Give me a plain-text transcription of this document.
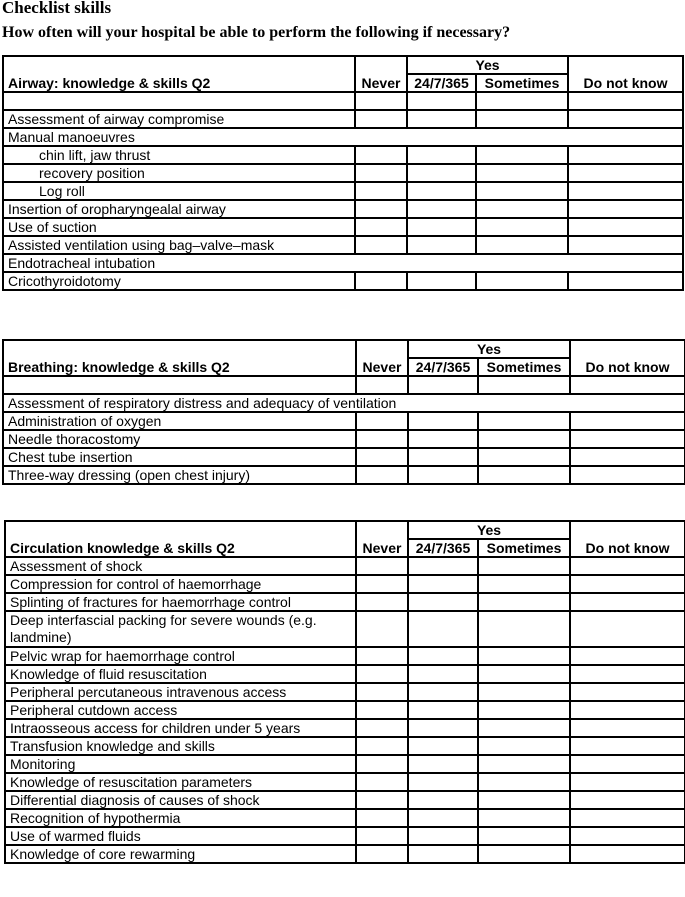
Checklist skills
How often will your hospital be able to perform the following if necessary?
Airway: knowledge & skills Q2		Yes		
	Never	24/7/365	Sometimes	Do not know

Assessment of airway compromise				
Manual manoeuvres				
chin lift, jaw thrust				
recovery position				
Log roll				
Insertion of oropharyngealal airway				
Use of suction				
Assisted ventilation using bag–valve–mask				
Endotracheal intubation				
Cricothyroidotomy				
Breathing: knowledge & skills Q2		Yes		
	Never	24/7/365	Sometimes	Do not know

Assessment of respiratory distress and adequacy of ventilation				
Administration of oxygen				
Needle thoracostomy				
Chest tube insertion				
Three-way dressing (open chest injury)				
Circulation knowledge & skills Q2		Yes		
	Never	24/7/365	Sometimes	Do not know
Assessment of shock				
Compression for control of haemorrhage				
Splinting of fractures for haemorrhage control				
Deep interfascial packing for severe wounds (e.g. landmine)				
Pelvic wrap for haemorrhage control				
Knowledge of fluid resuscitation				
Peripheral percutaneous intravenous access				
Peripheral cutdown access				
Intraosseous access for children under 5 years				
Transfusion knowledge and skills				
Monitoring				
Knowledge of resuscitation parameters				
Differential diagnosis of causes of shock				
Recognition of hypothermia				
Use of warmed fluids				
Knowledge of core rewarming				
